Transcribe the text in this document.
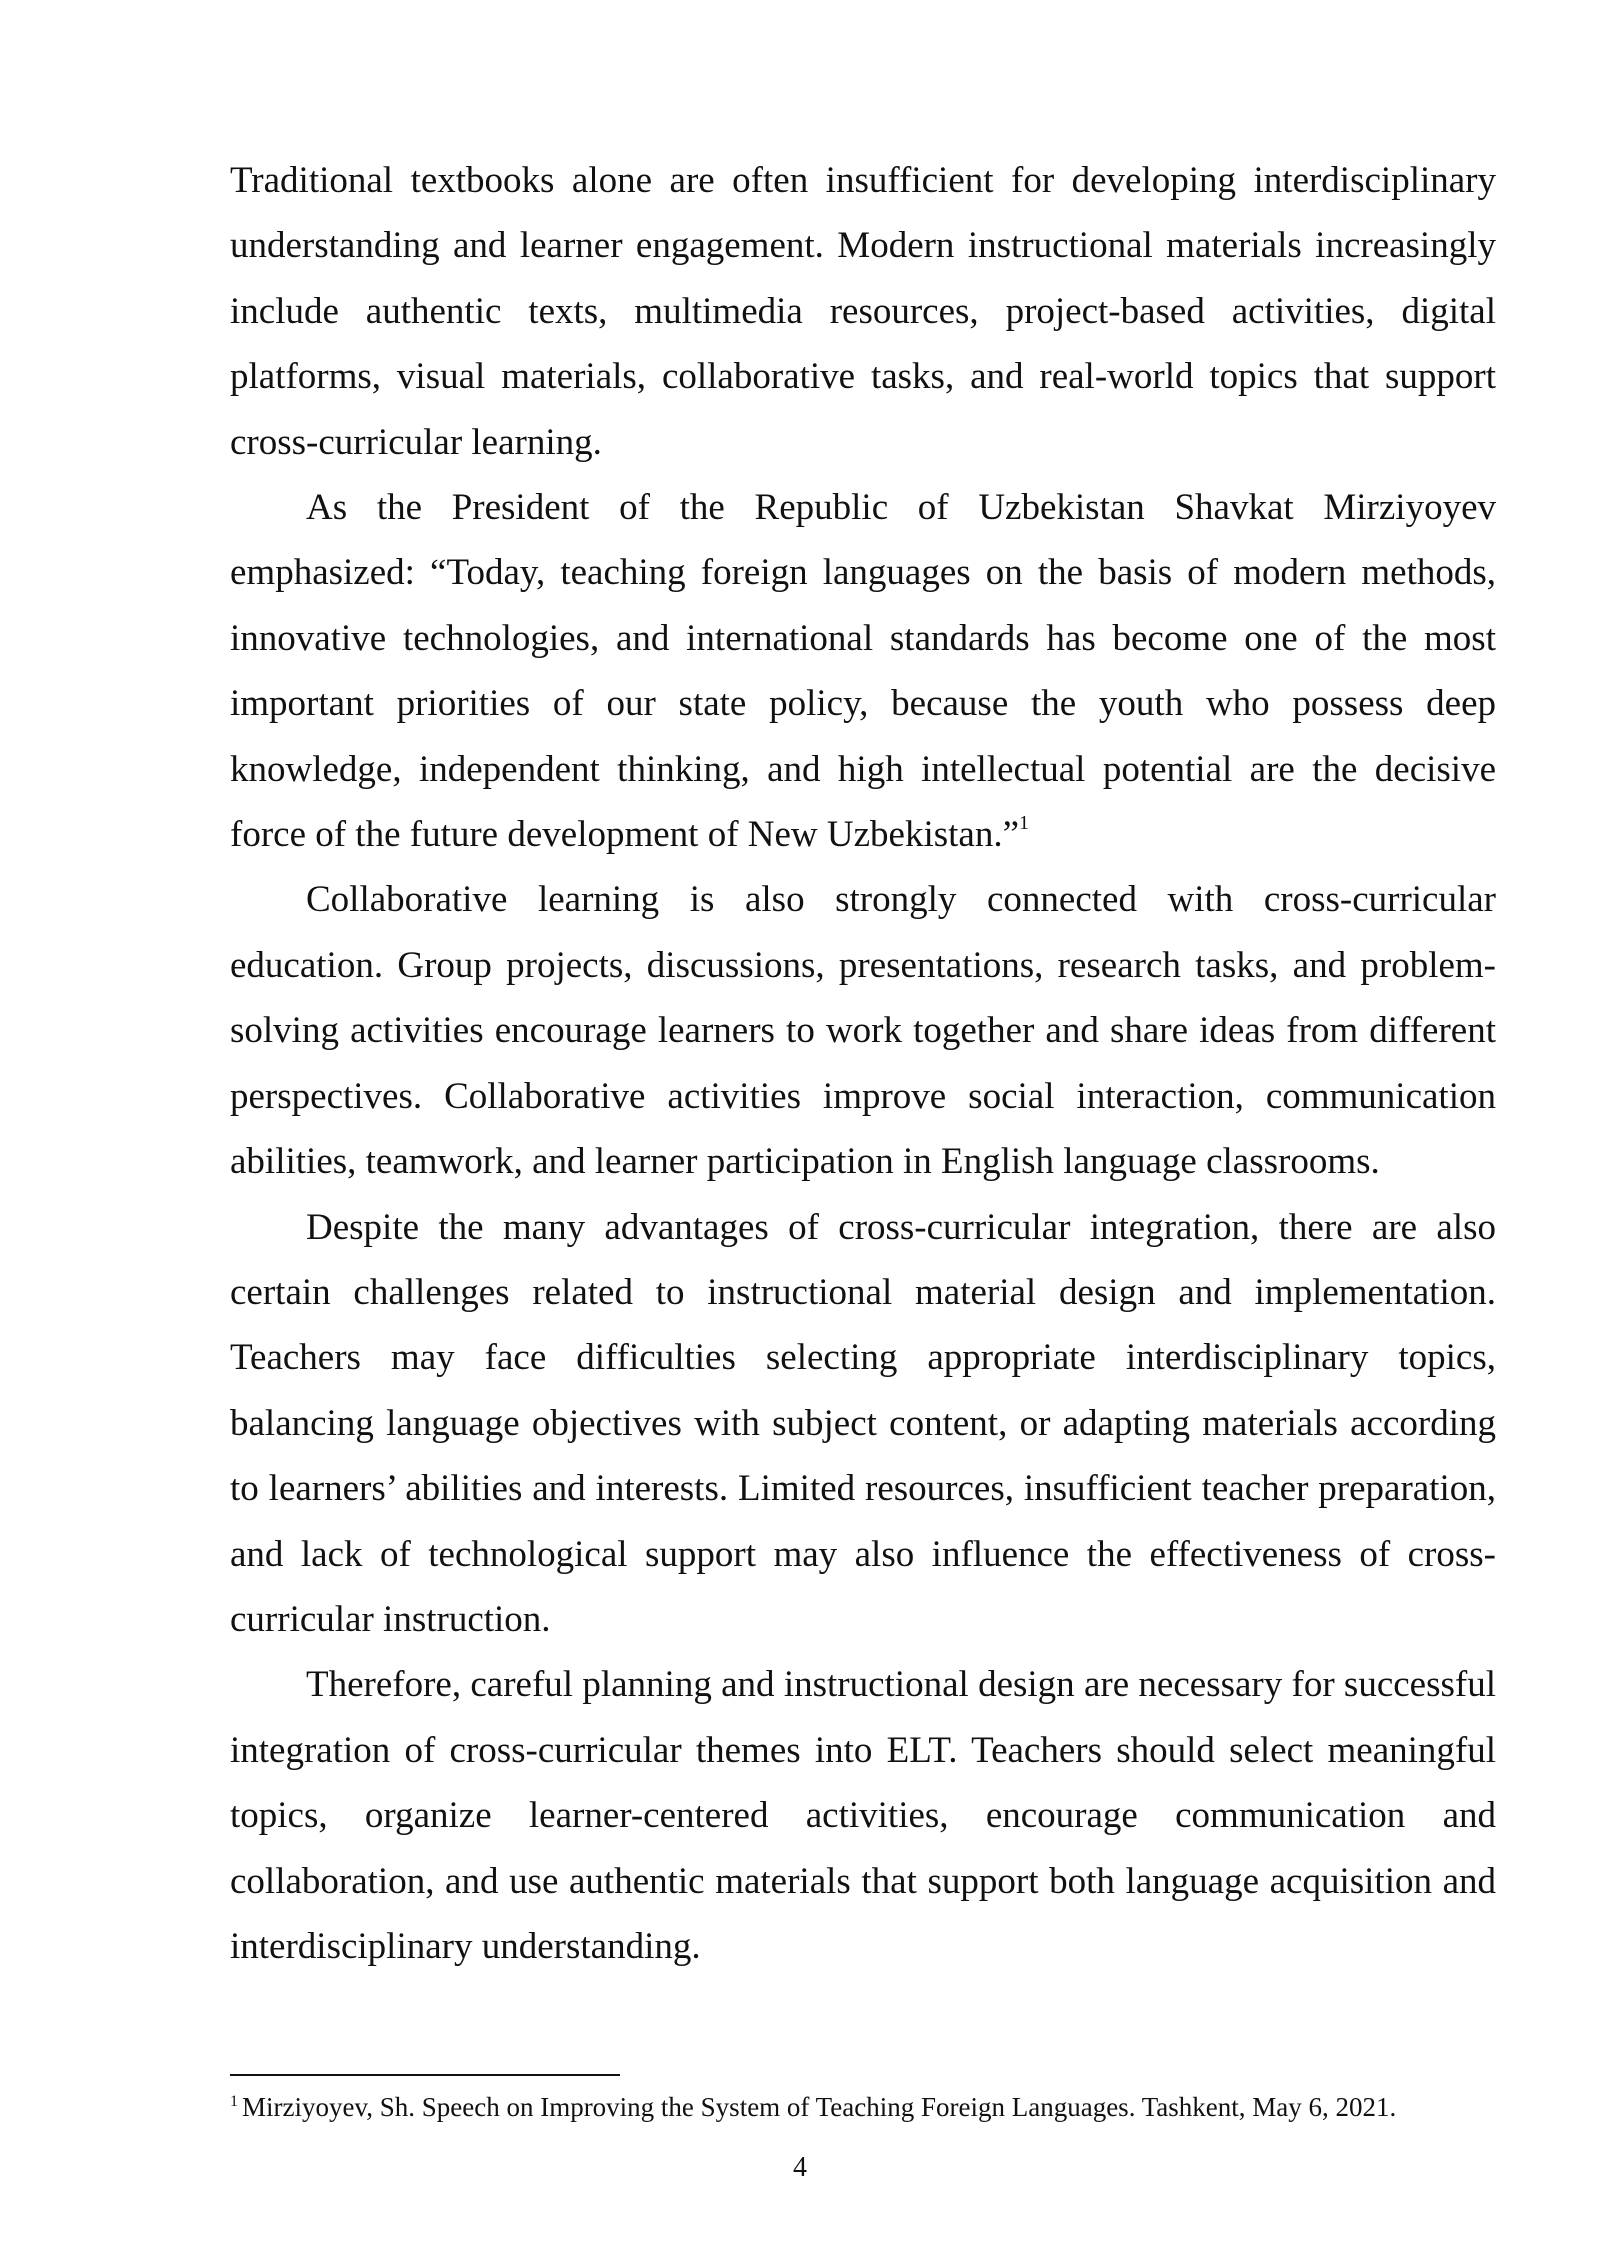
Traditional textbooks alone are often insufficient for developing interdisciplinary understanding and learner engagement. Modern instructional materials increasingly include authentic texts, multimedia resources, project-based activities, digital platforms, visual materials, collaborative tasks, and real-world topics that support cross-curricular learning.

As the President of the Republic of Uzbekistan Shavkat Mirziyoyev emphasized: “Today, teaching foreign languages on the basis of modern methods, innovative technologies, and international standards has become one of the most important priorities of our state policy, because the youth who possess deep knowledge, independent thinking, and high intellectual potential are the decisive force of the future development of New Uzbekistan.”$^1$

Collaborative learning is also strongly connected with cross-curricular education. Group projects, discussions, presentations, research tasks, and problem-solving activities encourage learners to work together and share ideas from different perspectives. Collaborative activities improve social interaction, communication abilities, teamwork, and learner participation in English language classrooms.

Despite the many advantages of cross-curricular integration, there are also certain challenges related to instructional material design and implementation. Teachers may face difficulties selecting appropriate interdisciplinary topics, balancing language objectives with subject content, or adapting materials according to learners’ abilities and interests. Limited resources, insufficient teacher preparation, and lack of technological support may also influence the effectiveness of cross-curricular instruction.

Therefore, careful planning and instructional design are necessary for successful integration of cross-curricular themes into ELT. Teachers should select meaningful topics, organize learner-centered activities, encourage communication and collaboration, and use authentic materials that support both language acquisition and interdisciplinary understanding.

$^1$ Mirziyoyev, Sh. Speech on Improving the System of Teaching Foreign Languages. Tashkent, May 6, 2021.
4
